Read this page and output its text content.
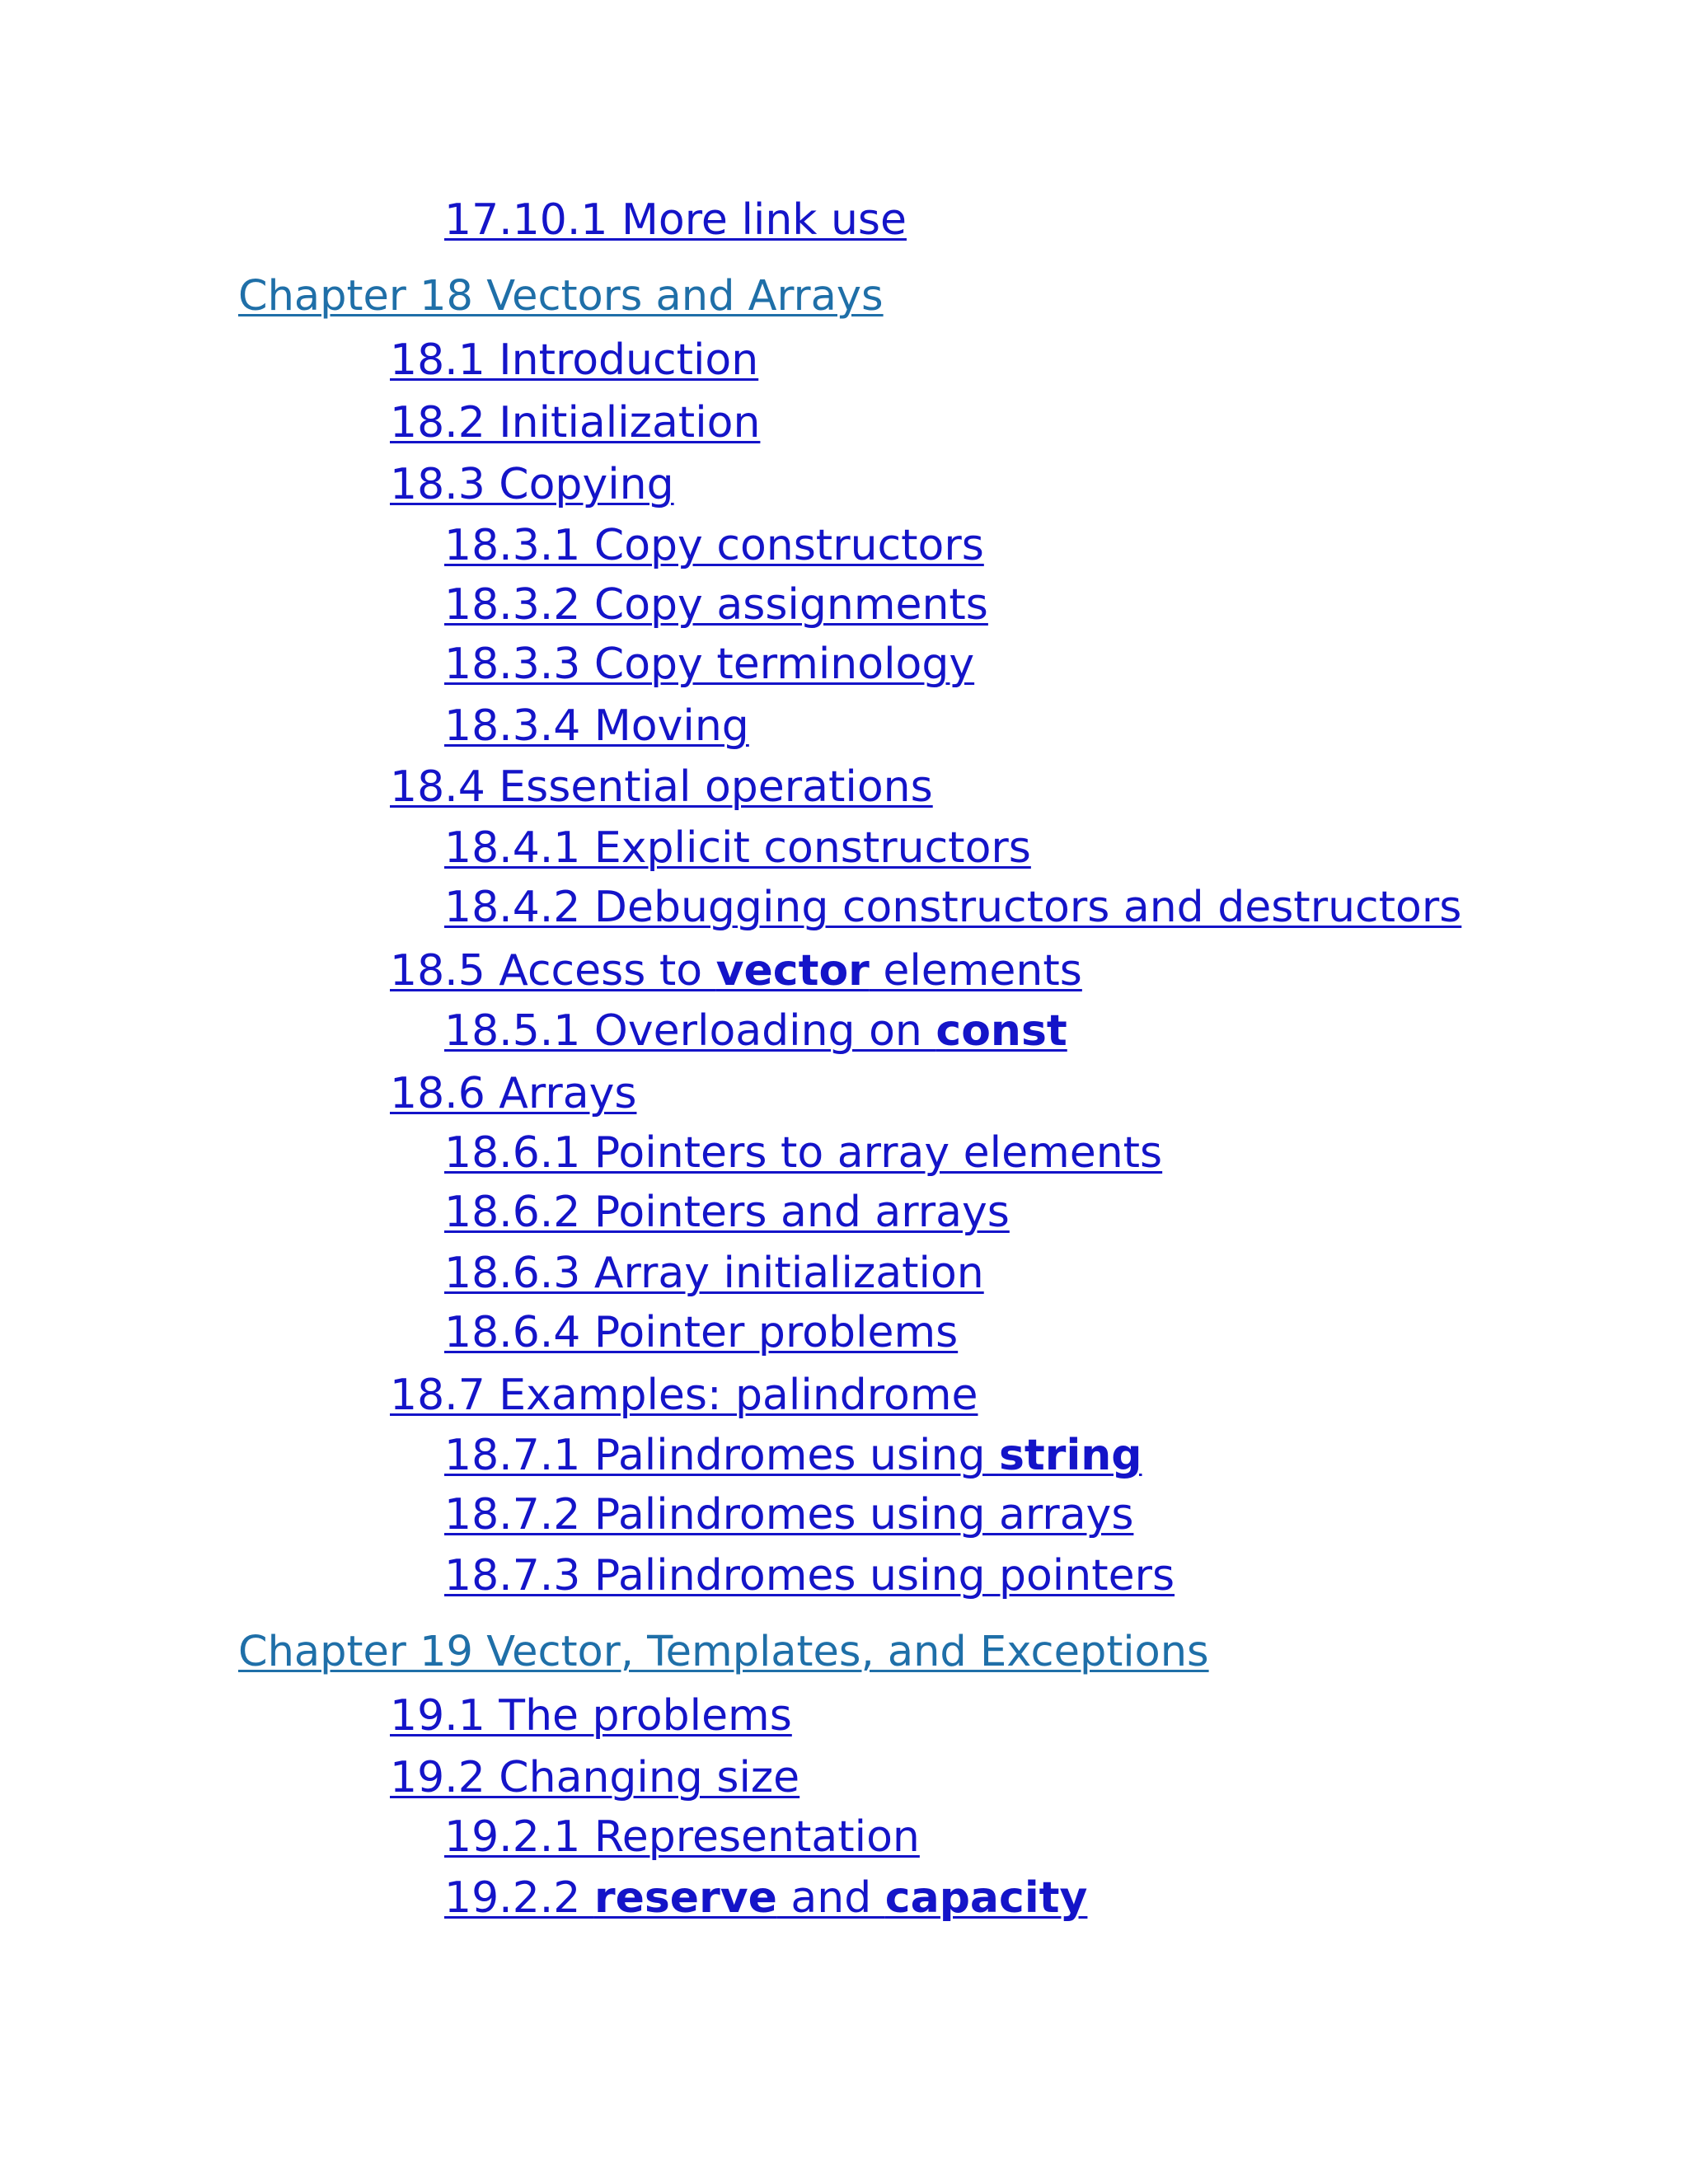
17.10.1 More link use
Chapter 18 Vectors and Arrays
18.1 Introduction
18.2 Initialization
18.3 Copying
18.3.1 Copy constructors
18.3.2 Copy assignments
18.3.3 Copy terminology
18.3.4 Moving
18.4 Essential operations
18.4.1 Explicit constructors
18.4.2 Debugging constructors and destructors
18.5 Access to vector elements
18.5.1 Overloading on const
18.6 Arrays
18.6.1 Pointers to array elements
18.6.2 Pointers and arrays
18.6.3 Array initialization
18.6.4 Pointer problems
18.7 Examples: palindrome
18.7.1 Palindromes using string
18.7.2 Palindromes using arrays
18.7.3 Palindromes using pointers
Chapter 19 Vector, Templates, and Exceptions
19.1 The problems
19.2 Changing size
19.2.1 Representation
19.2.2 reserve and capacity
